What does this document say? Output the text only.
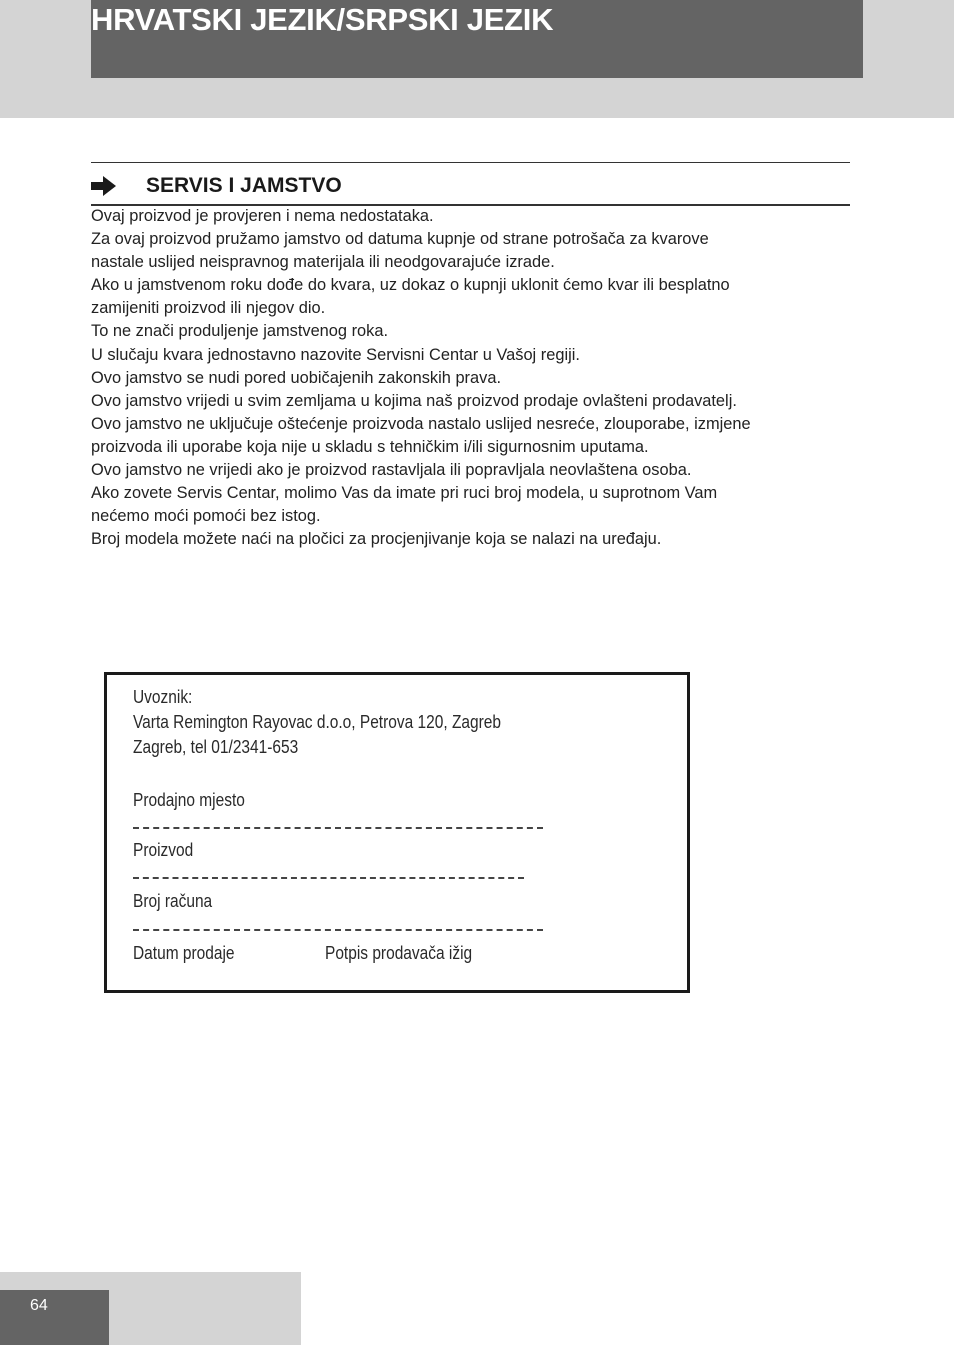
HRVATSKI JEZIK/SRPSKI JEZIK
SERVIS I JAMSTVO

Ovaj proizvod je provjeren i nema nedostataka.

Za ovaj proizvod pružamo jamstvo od datuma kupnje od strane potrošača za kvarove

nastale uslijed neispravnog materijala ili neodgovarajuće izrade.

Ako u jamstvenom roku dođe do kvara, uz dokaz o kupnji uklonit ćemo kvar ili besplatno

zamijeniti proizvod ili njegov dio.

To ne znači produljenje jamstvenog roka.

U slučaju kvara jednostavno nazovite Servisni Centar u Vašoj regiji.

Ovo jamstvo se nudi pored uobičajenih zakonskih prava.

Ovo jamstvo vrijedi u svim zemljama u kojima naš proizvod prodaje ovlašteni prodavatelj.

Ovo jamstvo ne uključuje oštećenje proizvoda nastalo uslijed nesreće, zlouporabe, izmjene

proizvoda ili uporabe koja nije u skladu s tehničkim i/ili sigurnosnim uputama.

Ovo jamstvo ne vrijedi ako je proizvod rastavljala ili popravljala neovlaštena osoba.

Ako zovete Servis Centar, molimo Vas da imate pri ruci broj modela, u suprotnom Vam

nećemo moći pomoći bez istog.

Broj modela možete naći na pločici za procjenjivanje koja se nalazi na uređaju.

Uvoznik:
Varta Remington Rayovac d.o.o, Petrova 120, Zagreb
Zagreb, tel 01/2341-653
Prodajno mjesto
Proizvod
Broj računa
Datum prodaje	Potpis prodavača ižig
64
